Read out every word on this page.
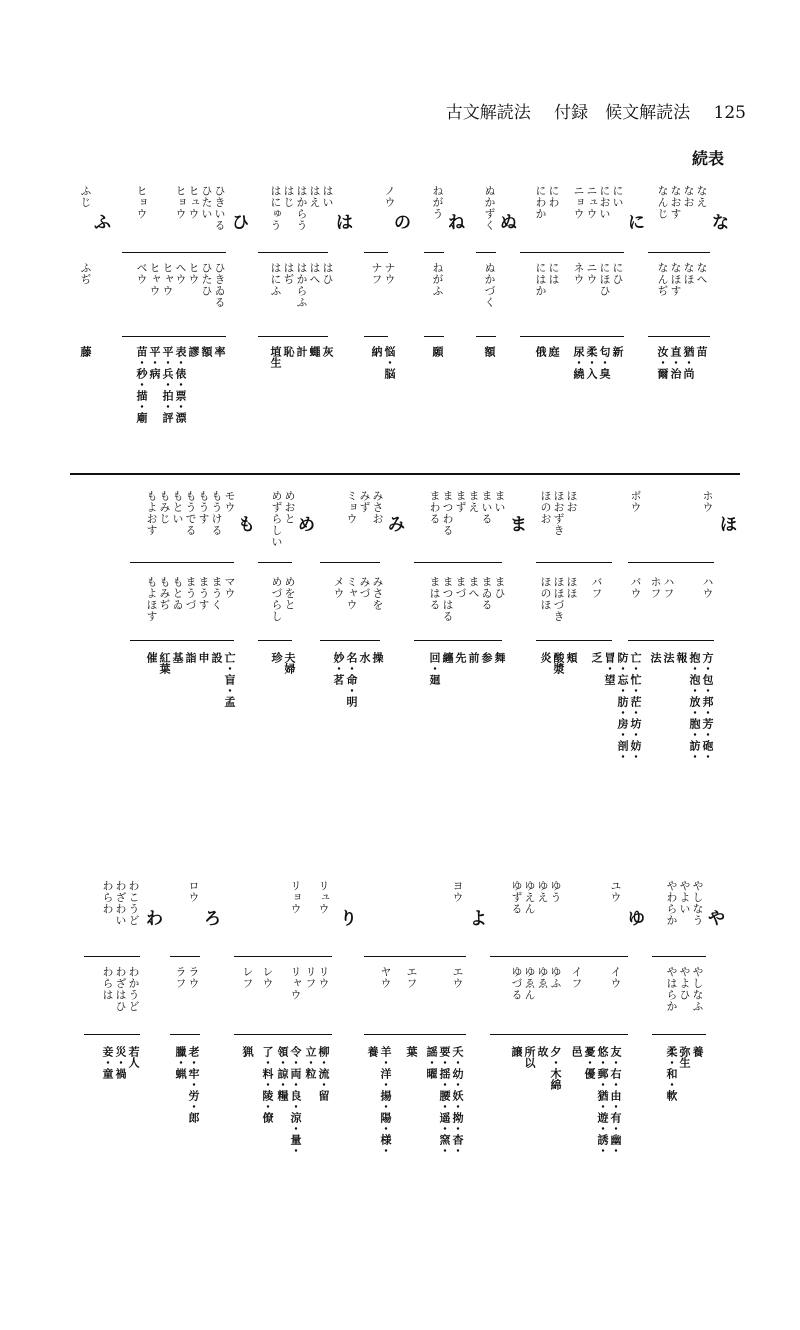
古文解読法 付録　候文解読法 125
続表
な
に
ぬ
ね
の
は
ひ
ふ
なえ
なへ
苗
なお
なほ
猶・尚
なおす
なほす
直・治
なんじ
なんぢ
汝・爾
にい
にひ
新
におい
にほひ
匂・臭
ニュウ
ニウ
柔・入
ニョウ
ネウ
尿・繞
にわ
には
庭
にわか
にはか
俄
ぬかずく
ぬかづく
額
ねがう
ねがふ
願
ノウ
ナウ
悩・脳
ナフ
納
はい
はひ
灰
はえ
はへ
蠅
はからう
はからふ
計
はじ
はぢ
恥
はにゅう
はにふ
埴生
ひきいる
ひきゐる
率
ひたい
ひたひ
額
ヒュウ
ヒウ
謬
ヒョウ
ヘウ
表・俵・票・漂
ヒャウ
平・兵・拍・評
ヒャウ
平・病
ヒョウ
ベウ
苗・秒・描・廟
ふじ
ふぢ
藤
ほ
ま
み
め
も
ホウ
ハウ
方・包・邦・芳・砲・
抱・泡・放・胞・訪・
報
ハフ
法
ホフ
法
ボウ
バウ
亡・忙・茫・坊・妨・
防・忘・肪・房・剖・
冒・望
バフ
乏
ほお
ほほ
頬
ほおずき
ほほづき
酸漿
ほのお
ほのほ
炎
まい
まひ
舞
まいる
まゐる
参
まえ
まへ
前
まず
まづ
先
まつわる
まつはる
纏
まわる
まはる
回・廻
みさお
みさを
操
みず
みづ
水
ミョウ
ミャウ
名・命・明
メウ
妙・茗
めおと
めをと
夫婦
めずらしい
めづらし
珍
モウ
マウ
亡・盲・孟
もうける
まうく
設
もうす
まうす
申
もうでる
まうづ
詣
もとい
もとゐ
基
もみじ
もみぢ
紅葉
もよおす
もよほす
催
や
ゆ
よ
り
ろ
わ	やしなう
やしなふ
養
やよい
やよひ
弥生
やわらか
やはらか
柔・和・軟
ユウ
イウ
友・右・由・有・幽・
悠・郵・猶・遊・誘・
憂・優
イフ
邑
ゆう
ゆふ
夕・木綿
ゆえ
ゆゑ
故
ゆえん
ゆゑん
所以
ゆずる
ゆづる
譲
ヨウ
エウ
夭・幼・妖・拗・杳・
要・揺・腰・遥・窯・
謡・曜
エフ
葉
ヤウ
羊・洋・揚・陽・様・
養
リュウ
リウ
柳・流・留
リフ
立・粒
リョウ
リャウ
令・両・良・涼・量・
領・諒・糧
レウ
了・料・陵・僚
レフ
猟
ロウ
ラウ
老・牢・労・郎
ラフ
臘・蝋
わこうど
わかうど
若人
わざわい
わざはひ
災・禍
わらわ
わらは
妾・童
